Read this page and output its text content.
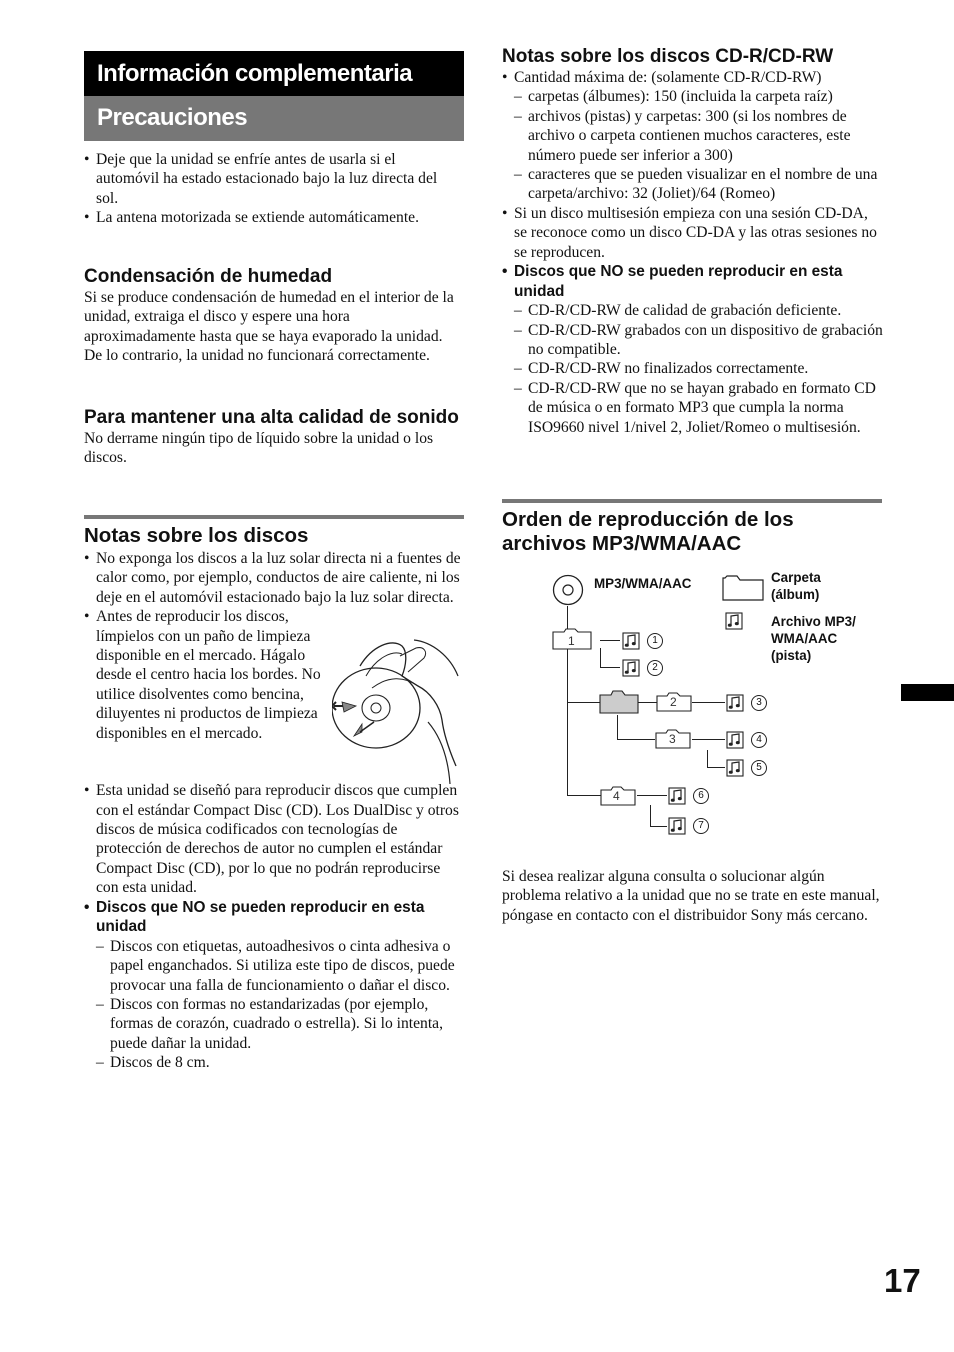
Información complementaria
Precauciones
• Deje que la unidad se enfríe antes de usarla si el automóvil ha estado estacionado bajo la luz directa del sol.
• La antena motorizada se extiende automáticamente.

Condensación de humedad

Si se produce condensación de humedad en el interior de la unidad, extraiga el disco y espere una hora aproximadamente hasta que se haya evaporado la unidad. De lo contrario, la unidad no funcionará correctamente.

Para mantener una alta calidad de sonido

No derrame ningún tipo de líquido sobre la unidad o los discos.

Notas sobre los discos

• No exponga los discos a la luz solar directa ni a fuentes de calor como, por ejemplo, conductos de aire caliente, ni los deje en el automóvil estacionado bajo la luz solar directa.
• Antes de reproducir los discos, límpielos con un paño de limpieza disponible en el mercado. Hágalo desde el centro hacia los bordes. No utilice disolventes como bencina, diluyentes ni productos de limpieza disponibles en el mercado.
• Esta unidad se diseñó para reproducir discos que cumplen con el estándar Compact Disc (CD). Los DualDisc y otros discos de música codificados con tecnologías de protección de derechos de autor no cumplen el estándar Compact Disc (CD), por lo que no podrán reproducirse con esta unidad.
• Discos que NO se pueden reproducir en esta unidad
– Discos con etiquetas, autoadhesivos o cinta adhesiva o papel enganchados. Si utiliza este tipo de discos, puede provocar una falla de funcionamiento o dañar el disco.
– Discos con formas no estandarizadas (por ejemplo, formas de corazón, cuadrado o estrella). Si lo intenta, puede dañar la unidad.
– Discos de 8 cm.

Notas sobre los discos CD-R/CD-RW

• Cantidad máxima de: (solamente CD-R/CD-RW)
– carpetas (álbumes): 150 (incluida la carpeta raíz)
– archivos (pistas) y carpetas: 300 (si los nombres de archivo o carpeta contienen muchos caracteres, este número puede ser inferior a 300)
– caracteres que se pueden visualizar en el nombre de una carpeta/archivo: 32 (Joliet)/64 (Romeo)
• Si un disco multisesión empieza con una sesión CD-DA, se reconoce como un disco CD-DA y las otras sesiones no se reproducen.
• Discos que NO se pueden reproducir en esta unidad
– CD-R/CD-RW de calidad de grabación deficiente.
– CD-R/CD-RW grabados con un dispositivo de grabación no compatible.
– CD-R/CD-RW no finalizados correctamente.
– CD-R/CD-RW que no se hayan grabado en formato CD de música o en formato MP3 que cumpla la norma ISO9660 nivel 1/nivel 2, Joliet/Romeo o multisesión.

Orden de reproducción de los archivos MP3/WMA/AAC

MP3/WMA/AAC	Carpeta (álbum)
Archivo MP3/ WMA/AAC (pista)
1
2
3
4
1
2
3
4
5
6
7

Si desea realizar alguna consulta o solucionar algún problema relativo a la unidad que no se trate en este manual, póngase en contacto con el distribuidor Sony más cercano.

17
